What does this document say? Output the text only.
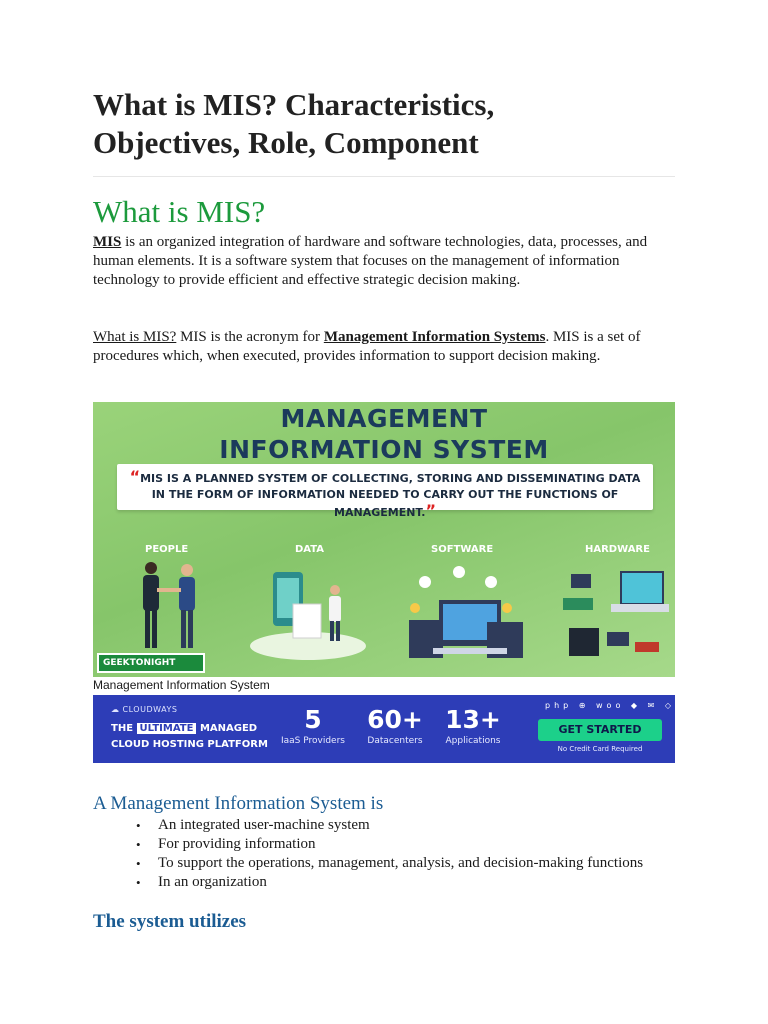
What is MIS? Characteristics,
Objectives, Role, Component
What is MIS?

MIS is an organized integration of hardware and software technologies, data, processes, and human elements. It is a software system that focuses on the management of information technology to provide efficient and effective strategic decision making.

What is MIS? MIS is the acronym for Management Information Systems. MIS is a set of procedures which, when executed, provides information to support decision making.

MANAGEMENT
INFORMATION SYSTEM
“MIS IS A PLANNED SYSTEM OF COLLECTING, STORING AND DISSEMINATING DATA IN THE FORM OF INFORMATION NEEDED TO CARRY OUT THE FUNCTIONS OF MANAGEMENT.”
PEOPLE	DATA	SOFTWARE	HARDWARE
GEEKTONIGHT
Management Information System
☁ CLOUDWAYS
THE ULTIMATE MANAGED
CLOUD HOSTING PLATFORM
5
IaaS Providers
60+
Datacenters
13+
Applications
php ⊕ woo ◆ ✉ ◇
GET STARTED
No Credit Card Required
A Management Information System is
• An integrated user-machine system
• For providing information
• To support the operations, management, analysis, and decision-making functions
• In an organization
The system utilizes
